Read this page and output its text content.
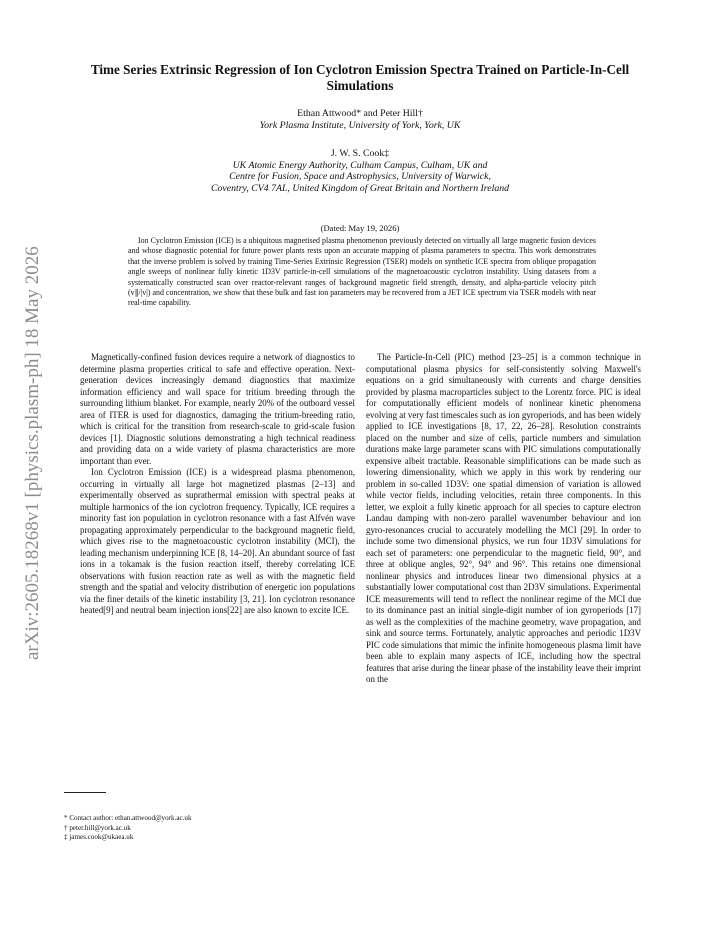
arXiv:2605.18268v1 [physics.plasm-ph] 18 May 2026
Time Series Extrinsic Regression of Ion Cyclotron Emission Spectra Trained on Particle-In-Cell Simulations
Ethan Attwood* and Peter Hill†
York Plasma Institute, University of York, York, UK
J. W. S. Cook‡
UK Atomic Energy Authority, Culham Campus, Culham, UK and
Centre for Fusion, Space and Astrophysics, University of Warwick,
Coventry, CV4 7AL, United Kingdom of Great Britain and Northern Ireland
(Dated: May 19, 2026)

Ion Cyclotron Emission (ICE) is a ubiquitous magnetised plasma phenomenon previously detected on virtually all large magnetic fusion devices and whose diagnostic potential for future power plants rests upon an accurate mapping of plasma parameters to spectra. This work demonstrates that the inverse problem is solved by training Time-Series Extrinsic Regression (TSER) models on synthetic ICE spectra from oblique propagation angle sweeps of nonlinear fully kinetic 1D3V particle-in-cell simulations of the magnetoacoustic cyclotron instability. Using datasets from a systematically constructed scan over reactor-relevant ranges of background magnetic field strength, density, and alpha-particle velocity pitch (v∥/|v|) and concentration, we show that these bulk and fast ion parameters may be recovered from a JET ICE spectrum via TSER models with near real-time capability.

Magnetically-confined fusion devices require a network of diagnostics to determine plasma properties critical to safe and effective operation. Next-generation devices increasingly demand diagnostics that maximize information efficiency and wall space for tritium breeding through the surrounding lithium blanket. For example, nearly 20% of the outboard vessel area of ITER is used for diagnostics, damaging the tritium-breeding ratio, which is critical for the transition from research-scale to grid-scale fusion devices [1]. Diagnostic solutions demonstrating a high technical readiness and providing data on a wide variety of plasma characteristics are more important than ever.

Ion Cyclotron Emission (ICE) is a widespread plasma phenomenon, occurring in virtually all large hot magnetized plasmas [2–13] and experimentally observed as suprathermal emission with spectral peaks at multiple harmonics of the ion cyclotron frequency. Typically, ICE requires a minority fast ion population in cyclotron resonance with a fast Alfvén wave propagating approximately perpendicular to the background magnetic field, which gives rise to the magnetoacoustic cyclotron instability (MCI), the leading mechanism underpinning ICE [8, 14–20]. An abundant source of fast ions in a tokamak is the fusion reaction itself, thereby correlating ICE observations with fusion reaction rate as well as with the magnetic field strength and the spatial and velocity distribution of energetic ion populations via the finer details of the kinetic instability [3, 21]. Ion cyclotron resonance heated[9] and neutral beam injection ions[22] are also known to excite ICE.

The Particle-In-Cell (PIC) method [23–25] is a common technique in computational plasma physics for self-consistently solving Maxwell's equations on a grid simultaneously with currents and charge densities provided by plasma macroparticles subject to the Lorentz force. PIC is ideal for computationally efficient models of nonlinear kinetic phenomena evolving at very fast timescales such as ion gyroperiods, and has been widely applied to ICE investigations [8, 17, 22, 26–28]. Resolution constraints placed on the number and size of cells, particle numbers and simulation durations make large parameter scans with PIC simulations computationally expensive albeit tractable. Reasonable simplifications can be made such as lowering dimensionality, which we apply in this work by rendering our problem in so-called 1D3V: one spatial dimension of variation is allowed while vector fields, including velocities, retain three components. In this letter, we exploit a fully kinetic approach for all species to capture electron Landau damping with non-zero parallel wavenumber behaviour and ion gyro-resonances crucial to accurately modelling the MCI [29]. In order to include some two dimensional physics, we run four 1D3V simulations for each set of parameters: one perpendicular to the magnetic field, 90°, and three at oblique angles, 92°, 94° and 96°. This retains one dimensional nonlinear physics and introduces linear two dimensional physics at a substantially lower computational cost than 2D3V simulations. Experimental ICE measurements will tend to reflect the nonlinear regime of the MCI due to its dominance past an initial single-digit number of ion gyroperiods [17] as well as the complexities of the machine geometry, wave propagation, and sink and source terms. Fortunately, analytic approaches and periodic 1D3V PIC code simulations that mimic the infinite homogeneous plasma limit have been able to explain many aspects of ICE, including how the spectral features that arise during the linear phase of the instability leave their imprint on the

* Contact author: ethan.attwood@york.ac.uk
† peter.hill@york.ac.uk
‡ james.cook@ukaea.uk
